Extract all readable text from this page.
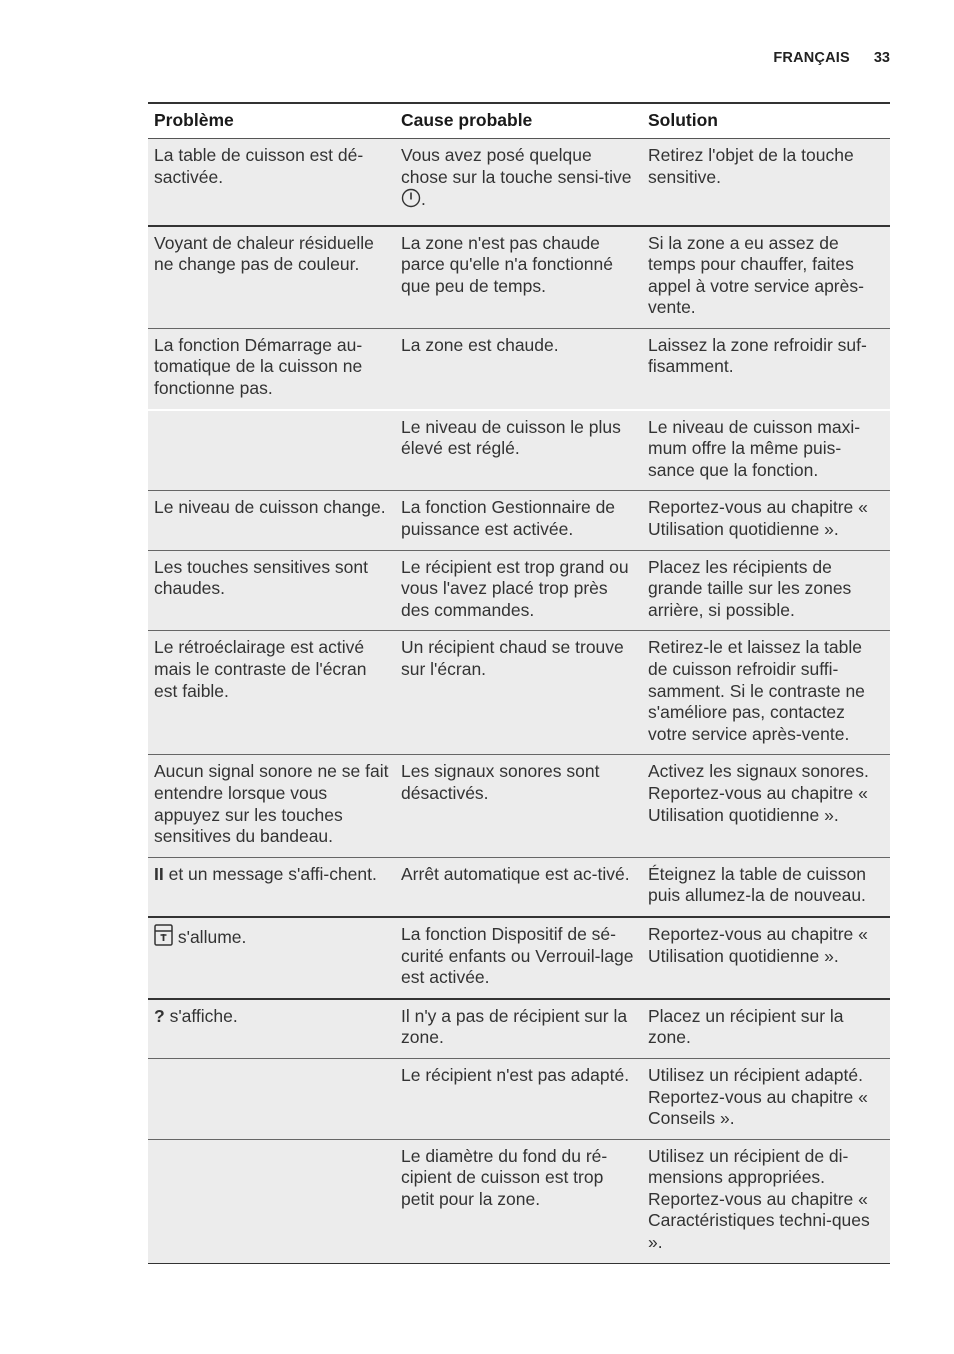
FRANÇAIS 33
Problème	Cause probable	Solution
La table de cuisson est dé-sactivée.	Vous avez posé quelque chose sur la touche sensi-tive .	Retirez l'objet de la touche sensitive.
Voyant de chaleur résiduelle ne change pas de couleur.	La zone n'est pas chaude parce qu'elle n'a fonctionné que peu de temps.	Si la zone a eu assez de temps pour chauffer, faites appel à votre service après-vente.
La fonction Démarrage au-tomatique de la cuisson ne fonctionne pas.	La zone est chaude.	Laissez la zone refroidir suf-fisamment.
	Le niveau de cuisson le plus élevé est réglé.	Le niveau de cuisson maxi-mum offre la même puis-sance que la fonction.
Le niveau de cuisson change.	La fonction Gestionnaire de puissance est activée.	Reportez-vous au chapitre « Utilisation quotidienne ».
Les touches sensitives sont chaudes.	Le récipient est trop grand ou vous l'avez placé trop près des commandes.	Placez les récipients de grande taille sur les zones arrière, si possible.
Le rétroéclairage est activé mais le contraste de l'écran est faible.	Un récipient chaud se trouve sur l'écran.	Retirez-le et laissez la table de cuisson refroidir suffi-samment. Si le contraste ne s'améliore pas, contactez votre service après-vente.
Aucun signal sonore ne se fait entendre lorsque vous appuyez sur les touches sensitives du bandeau.	Les signaux sonores sont désactivés.	Activez les signaux sonores. Reportez-vous au chapitre « Utilisation quotidienne ».
II et un message s'affi-chent.	Arrêt automatique est ac-tivé.	Éteignez la table de cuisson puis allumez-la de nouveau.
s'allume.	La fonction Dispositif de sé-curité enfants ou Verrouil-lage est activée.	Reportez-vous au chapitre « Utilisation quotidienne ».
? s'affiche.	Il n'y a pas de récipient sur la zone.	Placez un récipient sur la zone.
	Le récipient n'est pas adapté.	Utilisez un récipient adapté. Reportez-vous au chapitre « Conseils ».
	Le diamètre du fond du ré-cipient de cuisson est trop petit pour la zone.	Utilisez un récipient de di-mensions appropriées. Reportez-vous au chapitre « Caractéristiques techni-ques ».
